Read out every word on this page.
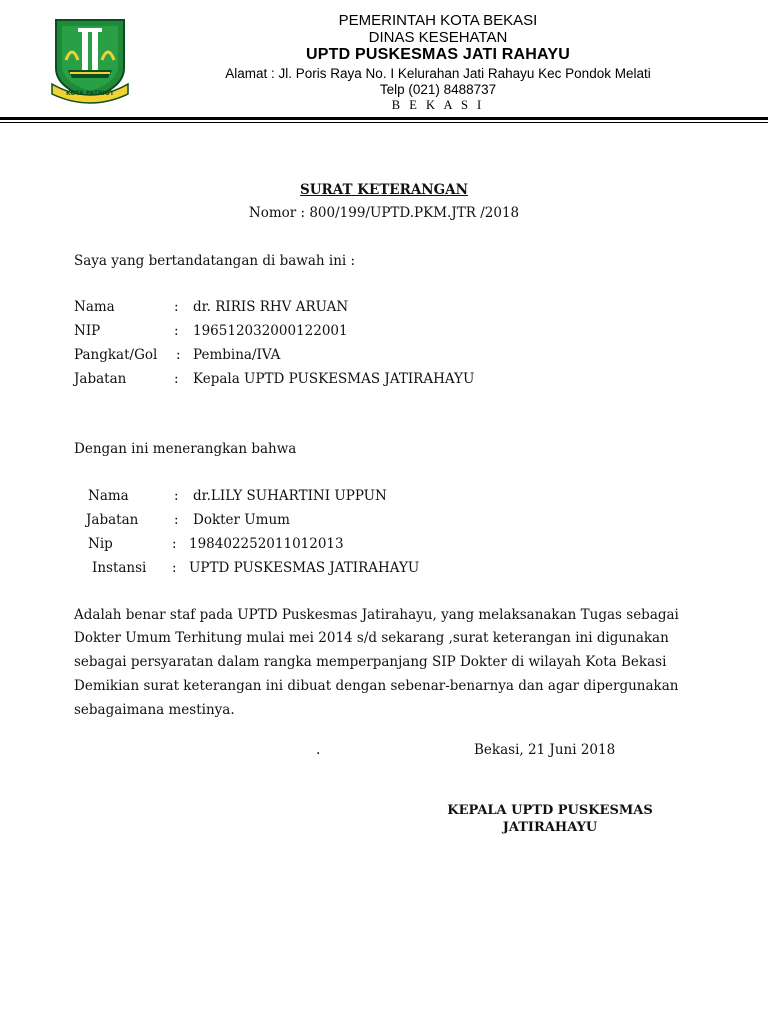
KOTA PATRIOT
PEMERINTAH KOTA BEKASI
DINAS KESEHATAN
UPTD PUSKESMAS JATI RAHAYU
Alamat : Jl. Poris Raya No. I Kelurahan Jati Rahayu Kec Pondok Melati
Telp (021) 8488737
B E K A S I
SURAT KETERANGAN
Nomor : 800/199/UPTD.PKM.JTR /2018
Saya yang bertandatangan di bawah ini :
Nama	: dr. RIRIS RHV ARUAN
NIP	: 196512032000122001
Pangkat/Gol : Pembina/IVA
Jabatan	: Kepala UPTD PUSKESMAS JATIRAHAYU
Dengan ini menerangkan bahwa
Nama	: dr.LILY SUHARTINI UPPUN
Jabatan	: Dokter Umum
Nip	: 198402252011012013
Instansi : UPTD PUSKESMAS JATIRAHAYU
Adalah benar staf pada UPTD Puskesmas Jatirahayu, yang melaksanakan Tugas sebagai
Dokter Umum Terhitung mulai mei 2014 s/d sekarang ,surat keterangan ini digunakan
sebagai persyaratan dalam rangka memperpanjang SIP Dokter di wilayah Kota Bekasi
Demikian surat keterangan ini dibuat dengan sebenar-benarnya dan agar dipergunakan
sebagaimana mestinya.
.	Bekasi, 21 Juni 2018
KEPALA UPTD PUSKESMAS
JATIRAHAYU
